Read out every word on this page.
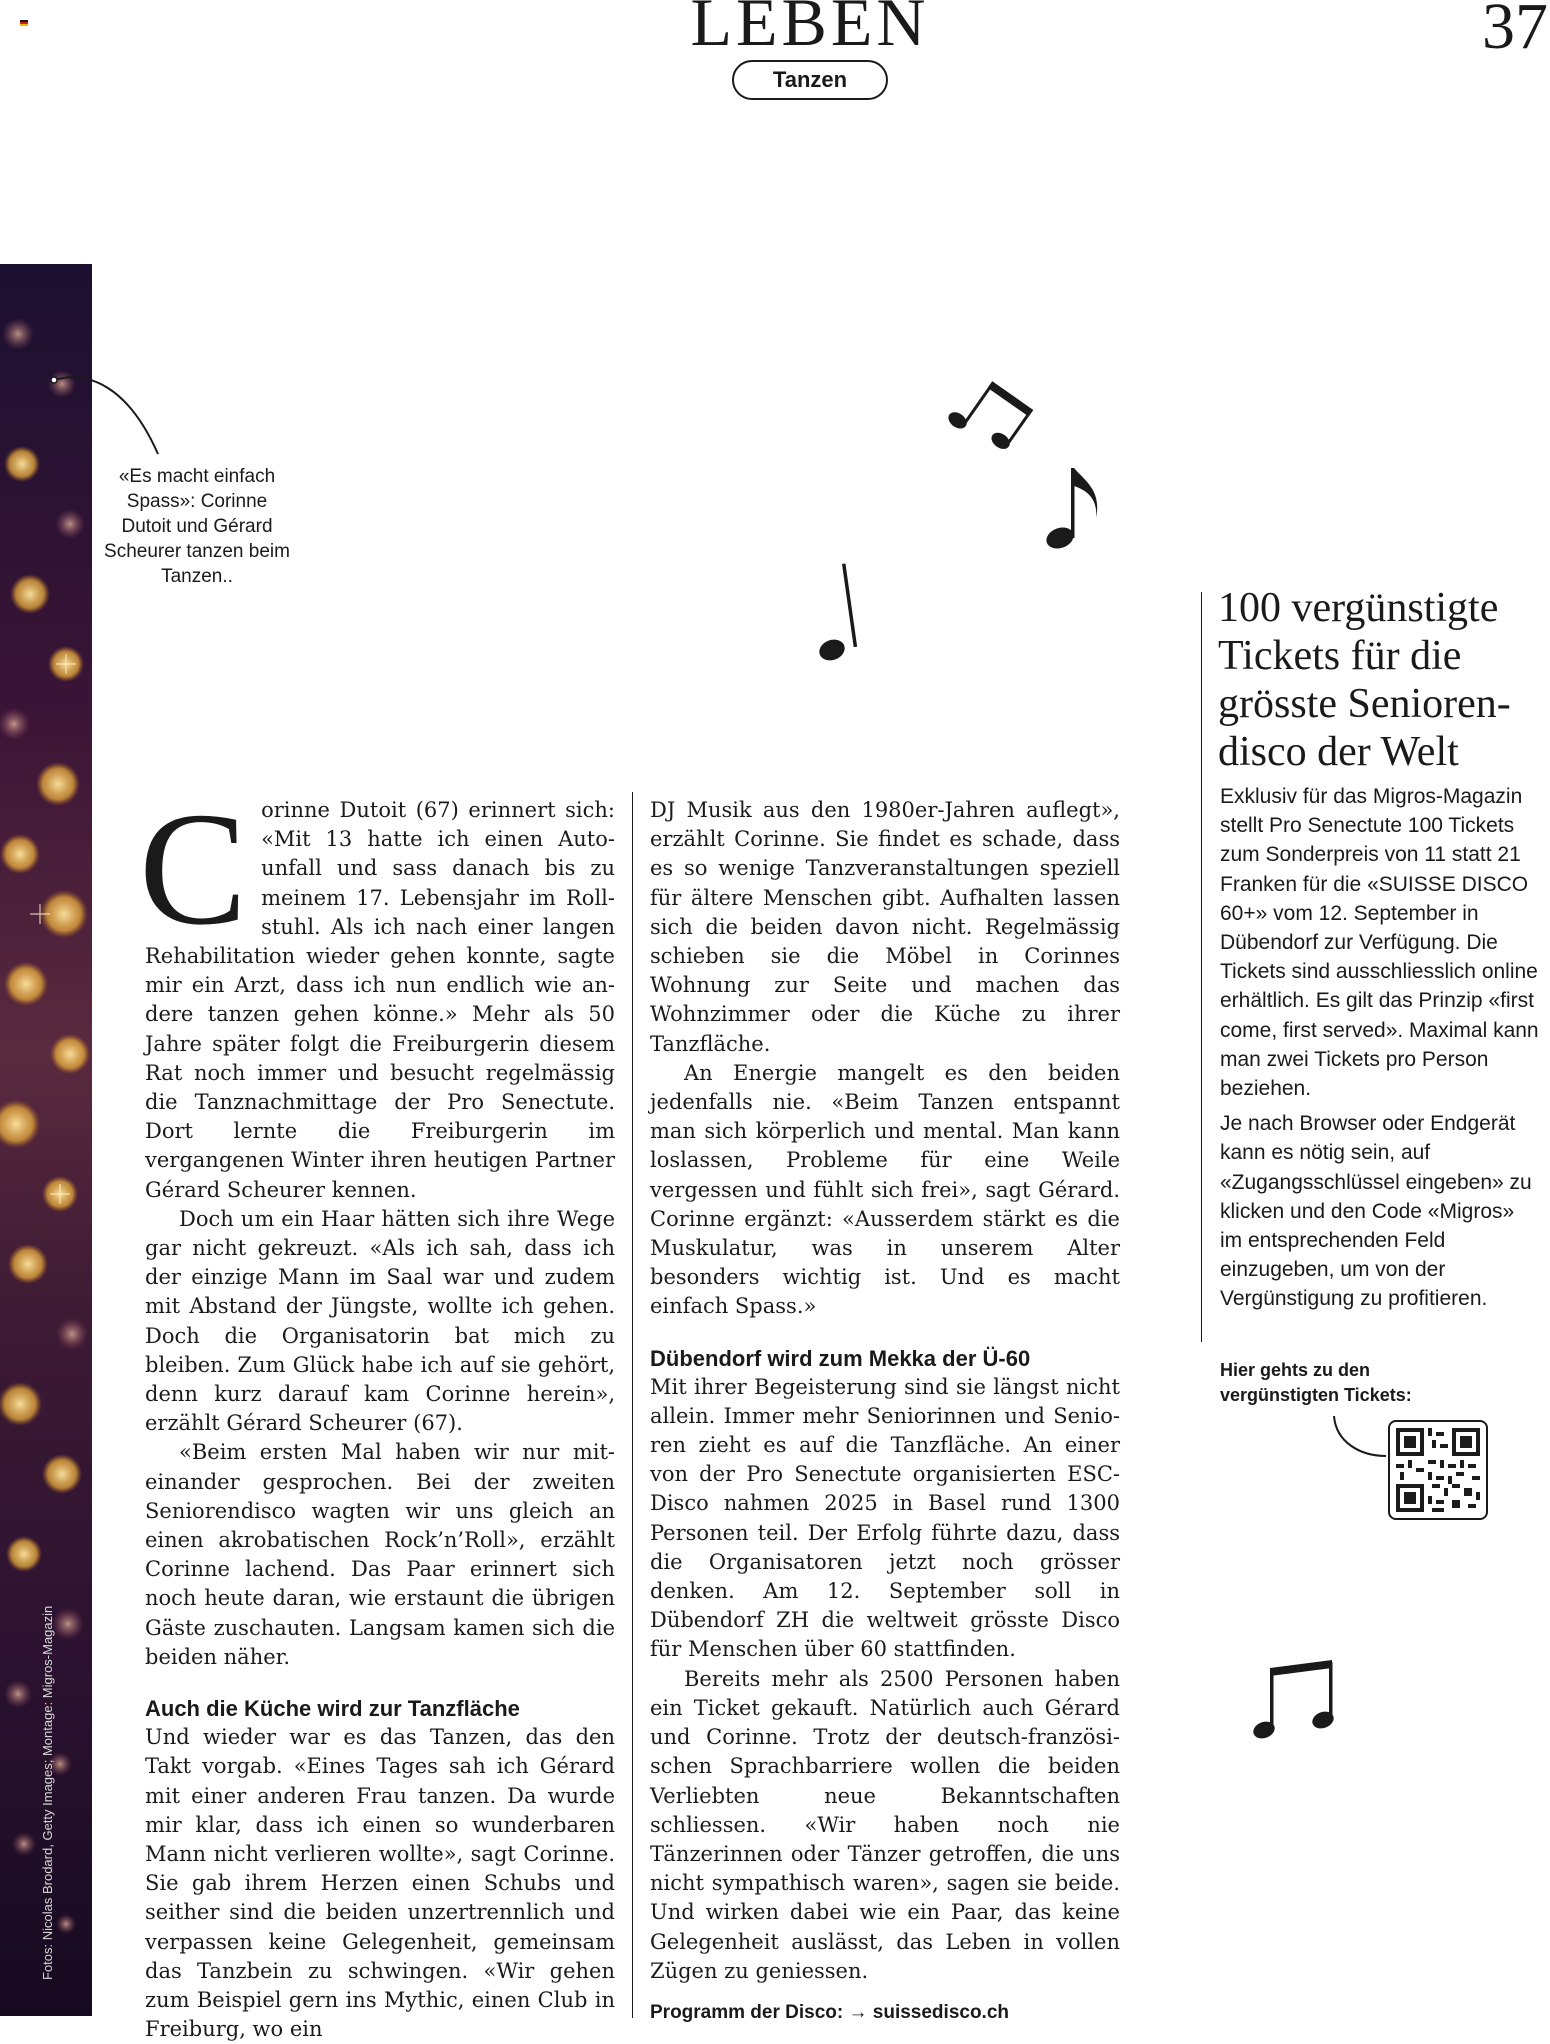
LEBEN
Tanzen
37
Fotos: Nicolas Brodard, Getty Images; Montage: Migros-Magazin
«Es macht einfach Spass»: Corinne Dutoit und Gérard Scheurer tanzen beim Tanzen..

C orinne Dutoit (67) erinnert sich: «Mit 13 hatte ich einen Autounfall und sass danach bis zu meinem 17. Lebensjahr im Rollstuhl. Als ich nach einer langen Rehabilitation wieder gehen konnte, sagte mir ein Arzt, dass ich nun endlich wie andere tanzen gehen könne.» Mehr als 50 Jahre später folgt die Freiburgerin diesem Rat noch immer und besucht regelmässig die Tanznachmittage der Pro Senectute. Dort lernte die Freiburgerin im vergangenen Winter ihren heutigen Partner Gérard Scheurer kennen.

Doch um ein Haar hätten sich ihre Wege gar nicht gekreuzt. «Als ich sah, dass ich der einzige Mann im Saal war und zudem mit Abstand der Jüngste, wollte ich gehen. Doch die Organisatorin bat mich zu bleiben. Zum Glück habe ich auf sie gehört, denn kurz darauf kam Corinne herein», erzählt Gérard Scheurer (67).

«Beim ersten Mal haben wir nur miteinander gesprochen. Bei der zweiten Seniorendisco wagten wir uns gleich an einen akrobatischen Rock’n’Roll», erzählt Corinne lachend. Das Paar erinnert sich noch heute daran, wie erstaunt die übrigen Gäste zuschauten. Langsam kamen sich die beiden näher.

Auch die Küche wird zur Tanzfläche

Und wieder war es das Tanzen, das den Takt vorgab. «Eines Tages sah ich Gérard mit einer anderen Frau tanzen. Da wurde mir klar, dass ich einen so wunderbaren Mann nicht verlieren wollte», sagt Corinne. Sie gab ihrem Herzen einen Schubs und seither sind die beiden unzertrennlich und verpassen keine Gelegenheit, gemeinsam das Tanzbein zu schwingen. «Wir gehen zum Beispiel gern ins Mythic, einen Club in Freiburg, wo ein

DJ Musik aus den 1980er-Jahren auflegt», erzählt Corinne. Sie findet es schade, dass es so wenige Tanzveranstaltungen speziell für ältere Menschen gibt. Aufhalten lassen sich die beiden davon nicht. Regelmässig schieben sie die Möbel in Corinnes Wohnung zur Seite und machen das Wohnzimmer oder die Küche zu ihrer Tanzfläche.

An Energie mangelt es den beiden jedenfalls nie. «Beim Tanzen entspannt man sich körperlich und mental. Man kann loslassen, Probleme für eine Weile vergessen und fühlt sich frei», sagt Gérard. Corinne ergänzt: «Ausserdem stärkt es die Muskulatur, was in unserem Alter besonders wichtig ist. Und es macht einfach Spass.»

Dübendorf wird zum Mekka der Ü-60

Mit ihrer Begeisterung sind sie längst nicht allein. Immer mehr Seniorinnen und Senioren zieht es auf die Tanzfläche. An einer von der Pro Senectute organisierten ESC-Disco nahmen 2025 in Basel rund 1300 Personen teil. Der Erfolg führte dazu, dass die Organisatoren jetzt noch grösser denken. Am 12. September soll in Dübendorf ZH die weltweit grösste Disco für Menschen über 60 stattfinden.

Bereits mehr als 2500 Personen haben ein Ticket gekauft. Natürlich auch Gérard und Corinne. Trotz der deutsch-französischen Sprachbarriere wollen die beiden Verliebten neue Bekanntschaften schliessen. «Wir haben noch nie Tänzerinnen oder Tänzer getroffen, die uns nicht sympathisch waren», sagen sie beide. Und wirken dabei wie ein Paar, das keine Gelegenheit auslässt, das Leben in vollen Zügen zu geniessen.

Programm der Disco: → suissedisco.ch
100 vergünstigte Tickets für die grösste Seniorendisco der Welt

Exklusiv für das Migros-Magazin stellt Pro Senectute 100 Tickets zum Sonderpreis von 11 statt 21 Franken für die «SUISSE DISCO 60+» vom 12. September in Dübendorf zur Verfügung. Die Tickets sind ausschliesslich online erhältlich. Es gilt das Prinzip «first come, first served». Maximal kann man zwei Tickets pro Person beziehen.

Je nach Browser oder Endgerät kann es nötig sein, auf «Zugangsschlüssel eingeben» zu klicken und den Code «Migros» im entsprechenden Feld einzugeben, um von der Vergünstigung zu profitieren.

Hier gehts zu den vergünstigten Tickets:
